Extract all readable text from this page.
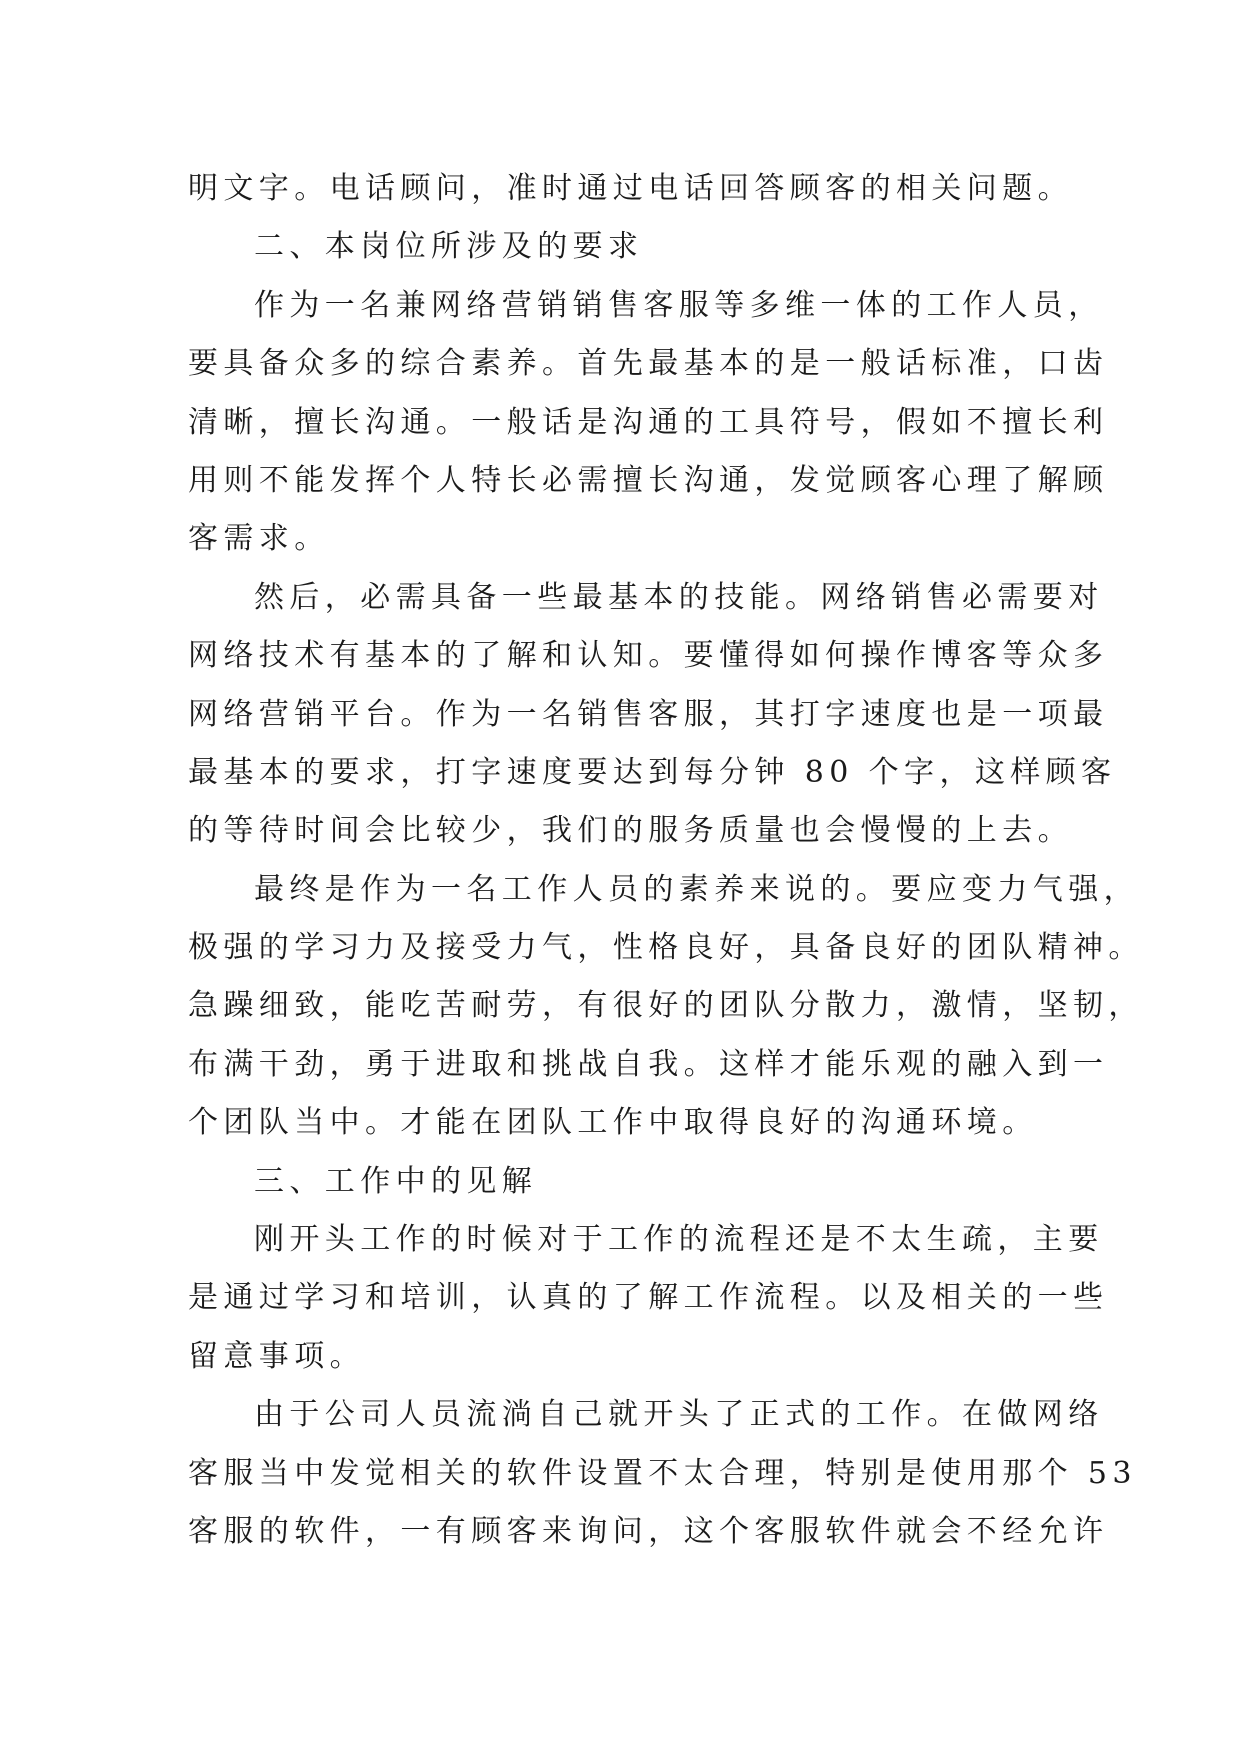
明文字。电话顾问，准时通过电话回答顾客的相关问题。
二、本岗位所涉及的要求
作为一名兼网络营销销售客服等多维一体的工作人员，
要具备众多的综合素养。首先最基本的是一般话标准，口齿
清晰，擅长沟通。一般话是沟通的工具符号，假如不擅长利
用则不能发挥个人特长必需擅长沟通，发觉顾客心理了解顾
客需求。
然后，必需具备一些最基本的技能。网络销售必需要对
网络技术有基本的了解和认知。要懂得如何操作博客等众多
网络营销平台。作为一名销售客服，其打字速度也是一项最
最基本的要求，打字速度要达到每分钟 80 个字，这样顾客
的等待时间会比较少，我们的服务质量也会慢慢的上去。
最终是作为一名工作人员的素养来说的。要应变力气强，
极强的学习力及接受力气，性格良好，具备良好的团队精神。
急躁细致，能吃苦耐劳，有很好的团队分散力，激情，坚韧，
布满干劲，勇于进取和挑战自我。这样才能乐观的融入到一
个团队当中。才能在团队工作中取得良好的沟通环境。
三、工作中的见解
刚开头工作的时候对于工作的流程还是不太生疏，主要
是通过学习和培训，认真的了解工作流程。以及相关的一些
留意事项。
由于公司人员流淌自己就开头了正式的工作。在做网络
客服当中发觉相关的软件设置不太合理，特别是使用那个 53
客服的软件，一有顾客来询问，这个客服软件就会不经允许
